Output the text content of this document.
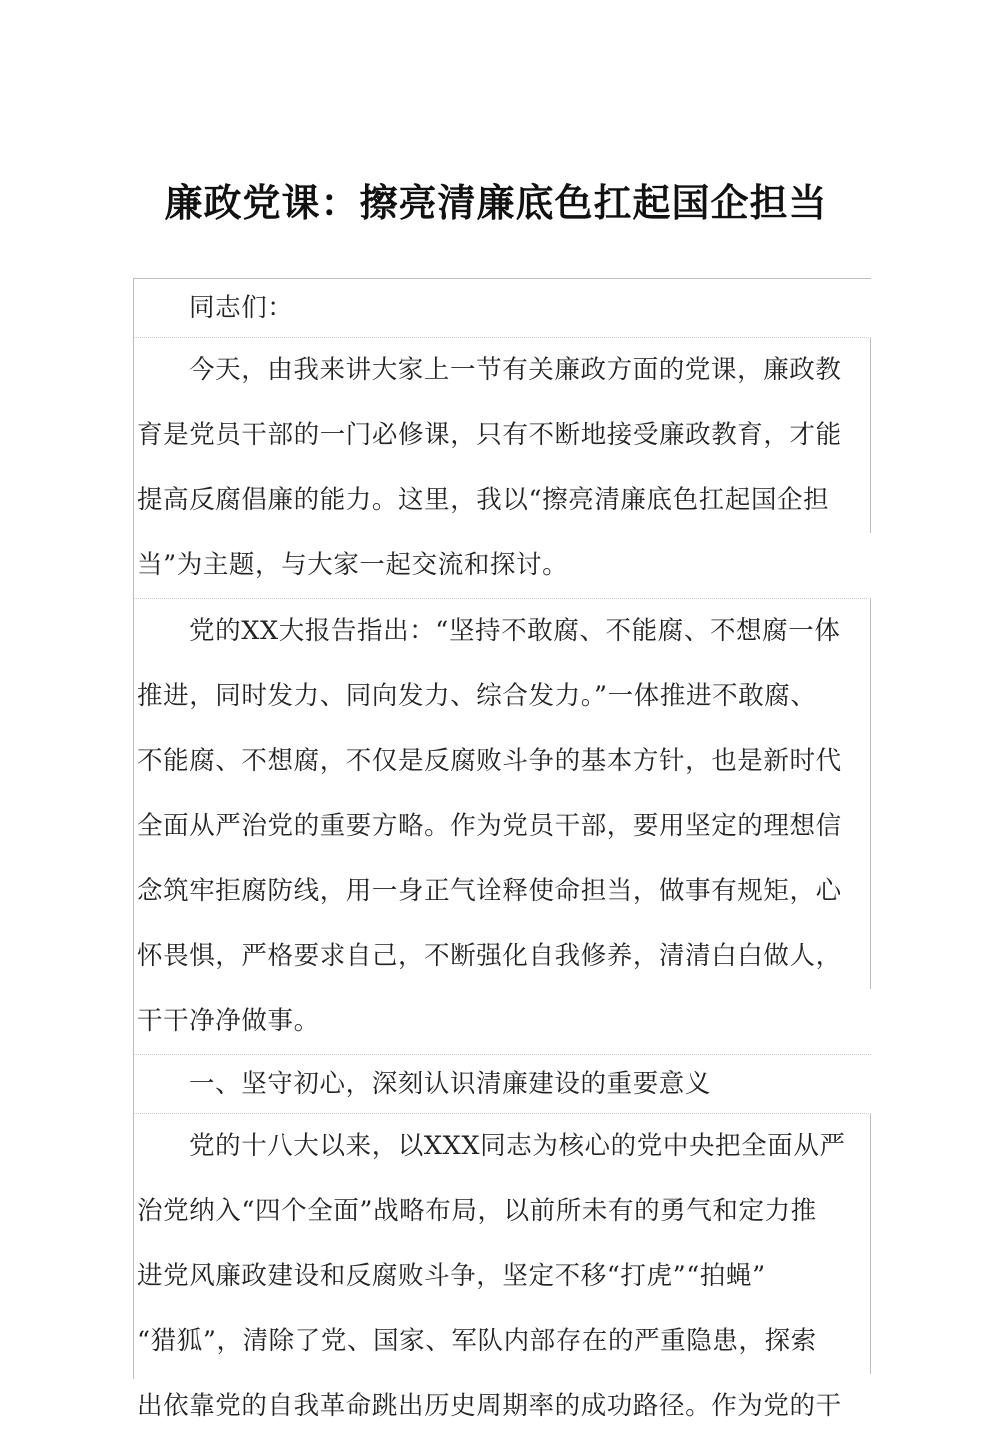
廉政党课：擦亮清廉底色扛起国企担当
同志们：
今天，由我来讲大家上一节有关廉政方面的党课，廉政教
育是党员干部的一门必修课，只有不断地接受廉政教育，才能
提高反腐倡廉的能力。这里，我以“擦亮清廉底色扛起国企担
当”为主题，与大家一起交流和探讨。
党的XX大报告指出：“坚持不敢腐、不能腐、不想腐一体
推进，同时发力、同向发力、综合发力。”一体推进不敢腐、
不能腐、不想腐，不仅是反腐败斗争的基本方针，也是新时代
全面从严治党的重要方略。作为党员干部，要用坚定的理想信
念筑牢拒腐防线，用一身正气诠释使命担当，做事有规矩，心
怀畏惧，严格要求自己，不断强化自我修养，清清白白做人，
干干净净做事。
一、坚守初心，深刻认识清廉建设的重要意义
党的十八大以来，以XXX同志为核心的党中央把全面从严
治党纳入“四个全面”战略布局，以前所未有的勇气和定力推
进党风廉政建设和反腐败斗争，坚定不移“打虎”“拍蝇”
“猎狐”，清除了党、国家、军队内部存在的严重隐患，探索
出依靠党的自我革命跳出历史周期率的成功路径。作为党的干
